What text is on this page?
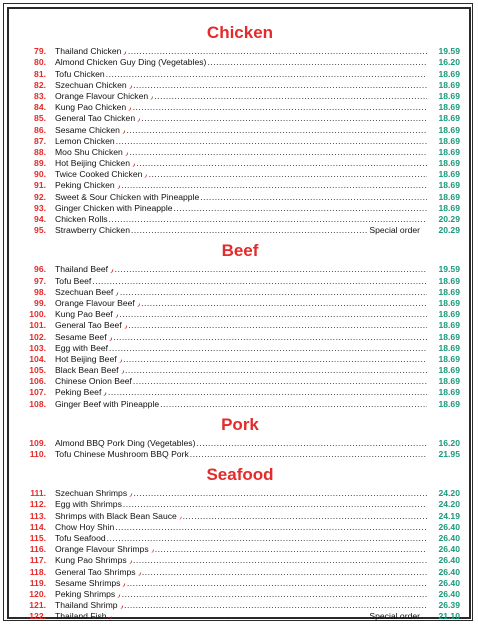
Chicken
79. Thailand Chicken .....	19.59
80. Almond Chicken Guy Ding (Vegetables) .....	16.20
81. Tofu Chicken .....	18.69
82. Szechuan Chicken .....	18.69
83. Orange Flavour Chicken .....	18.69
84. Kung Pao Chicken .....	18.69
85. General Tao Chicken .....	18.69
86. Sesame Chicken .....	18.69
87. Lemon Chicken .....	18.69
88. Moo Shu Chicken .....	18.69
89. Hot Beijing Chicken .....	18.69
90. Twice Cooked Chicken .....	18.69
91. Peking Chicken .....	18.69
92. Sweet & Sour Chicken with Pineapple .....	18.69
93. Ginger Chicken with Pineapple .....	18.69
94. Chicken Rolls .....	20.29
95. Strawberry Chicken .....	Special order	20.29
Beef
96. Thailand Beef .....	19.59
97. Tofu Beef .....	18.69
98. Szechuan Beef .....	18.69
99. Orange Flavour Beef .....	18.69
100. Kung Pao Beef .....	18.69
101. General Tao Beef .....	18.69
102. Sesame Beef .....	18.69
103. Egg with Beef .....	18.69
104. Hot Beijing Beef .....	18.69
105. Black Bean Beef .....	18.69
106. Chinese Onion Beef .....	18.69
107. Peking Beef .....	18.69
108. Ginger Beef with Pineapple .....	18.69
Pork
109. Almond BBQ Pork Ding (Vegetables) .....	16.20
110. Tofu Chinese Mushroom BBQ Pork .....	21.95
Seafood
111. Szechuan Shrimps .....	24.20
112. Egg with Shrimps .....	24.20
113. Shrimps with Black Bean Sauce .....	24.19
114. Chow Hoy Shin .....	26.40
115. Tofu Seafood .....	26.40
116. Orange Flavour Shrimps .....	26.40
117. Kung Pao Shrimps .....	26.40
118. General Tao Shrimps .....	26.40
119. Sesame Shrimps .....	26.40
120. Peking Shrimps .....	26.40
121. Thailand Shrimp .....	26.39
122. Thailand Fish .....	Special order	21.10
